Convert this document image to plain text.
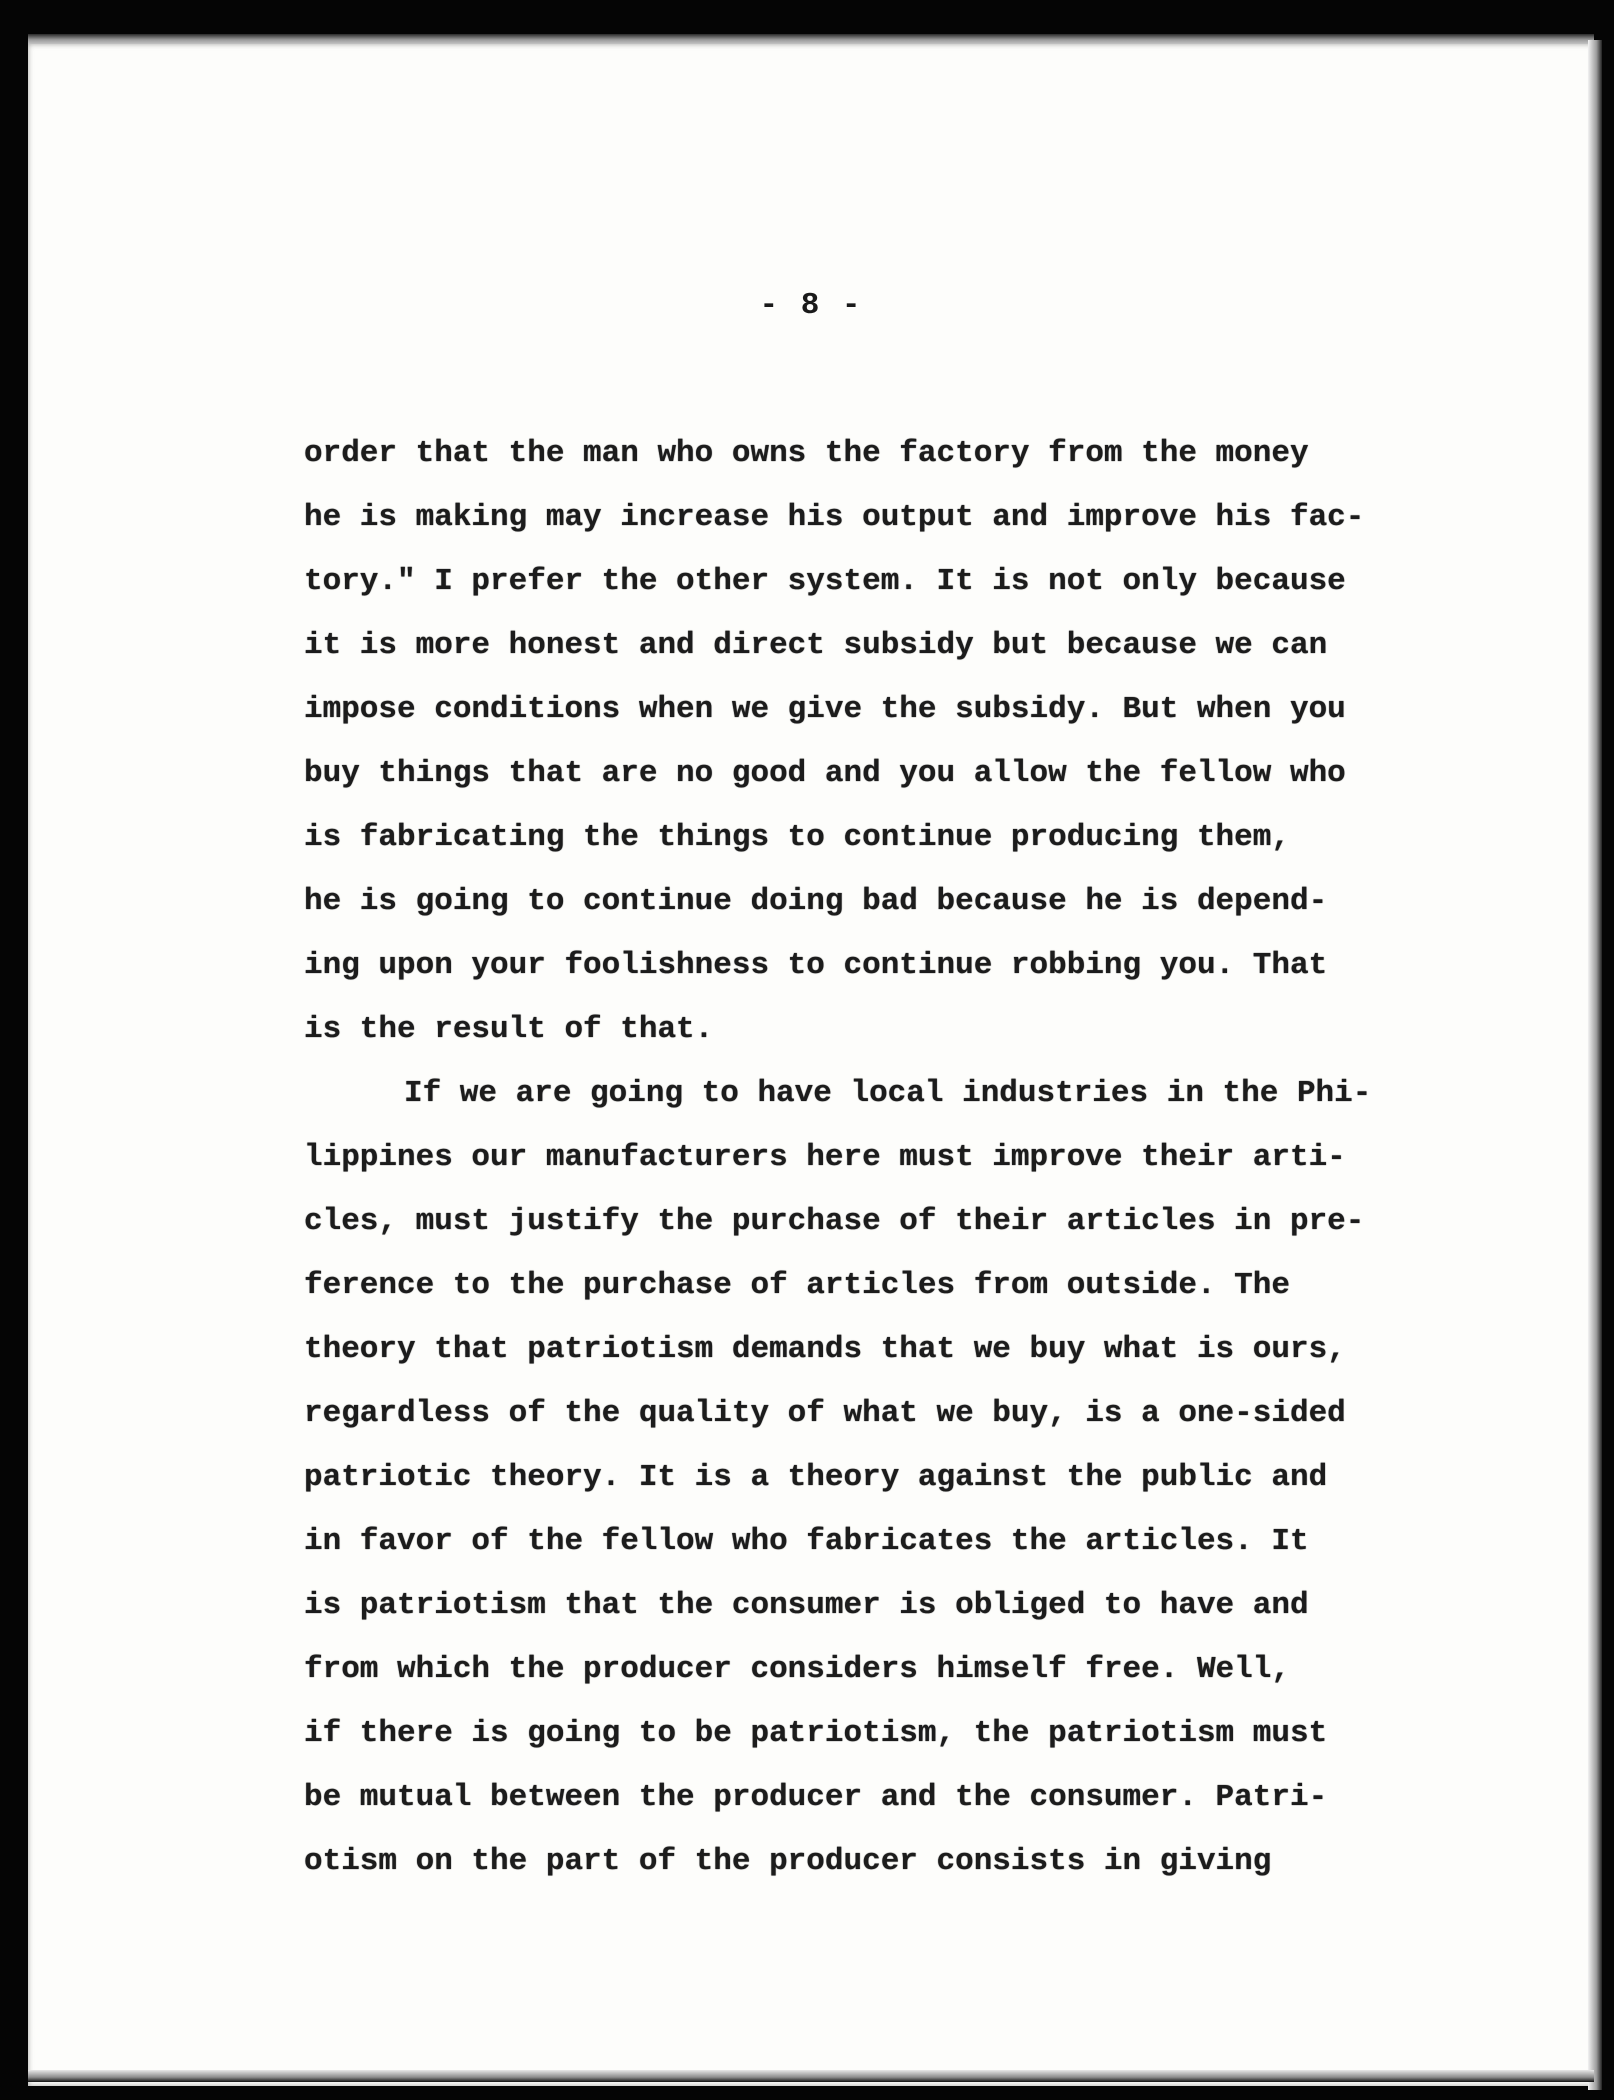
- 8 -
order that the man who owns the factory from the money
he is making may increase his output and improve his fac-
tory." I prefer the other system. It is not only because
it is more honest and direct subsidy but because we can
impose conditions when we give the subsidy. But when you
buy things that are no good and you allow the fellow who
is fabricating the things to continue producing them,
he is going to continue doing bad because he is depend-
ing upon your foolishness to continue robbing you. That
is the result of that.
If we are going to have local industries in the Phi-
lippines our manufacturers here must improve their arti-
cles, must justify the purchase of their articles in pre-
ference to the purchase of articles from outside. The
theory that patriotism demands that we buy what is ours,
regardless of the quality of what we buy, is a one-sided
patriotic theory. It is a theory against the public and
in favor of the fellow who fabricates the articles. It
is patriotism that the consumer is obliged to have and
from which the producer considers himself free. Well,
if there is going to be patriotism, the patriotism must
be mutual between the producer and the consumer. Patri-
otism on the part of the producer consists in giving
